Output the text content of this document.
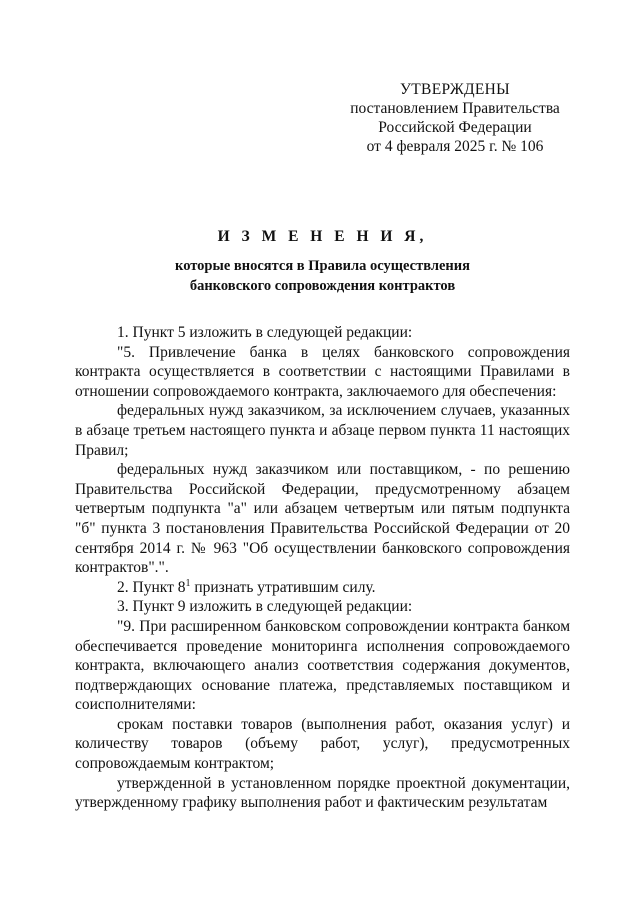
УТВЕРЖДЕНЫ
постановлением Правительства
Российской Федерации
от 4 февраля 2025 г. № 106
И З М Е Н Е Н И Я,
которые вносятся в Правила осуществления
банковского сопровождения контрактов

1. Пункт 5 изложить в следующей редакции:

"5. Привлечение банка в целях банковского сопровождения контракта осуществляется в соответствии с настоящими Правилами в отношении сопровождаемого контракта, заключаемого для обеспечения:

федеральных нужд заказчиком, за исключением случаев, указанных в абзаце третьем настоящего пункта и абзаце первом пункта 11 настоящих Правил;

федеральных нужд заказчиком или поставщиком, - по решению Правительства Российской Федерации, предусмотренному абзацем четвертым подпункта "а" или абзацем четвертым или пятым подпункта "б" пункта 3 постановления Правительства Российской Федерации от 20 сентября 2014 г. № 963 "Об осуществлении банковского сопровождения контрактов".".

2. Пункт $8^1$ признать утратившим силу.

3. Пункт 9 изложить в следующей редакции:

"9. При расширенном банковском сопровождении контракта банком обеспечивается проведение мониторинга исполнения сопровождаемого контракта, включающего анализ соответствия содержания документов, подтверждающих основание платежа, представляемых поставщиком и соисполнителями:

срокам поставки товаров (выполнения работ, оказания услуг) и количеству товаров (объему работ, услуг), предусмотренных сопровождаемым контрактом;

утвержденной в установленном порядке проектной документации, утвержденному графику выполнения работ и фактическим результатам
